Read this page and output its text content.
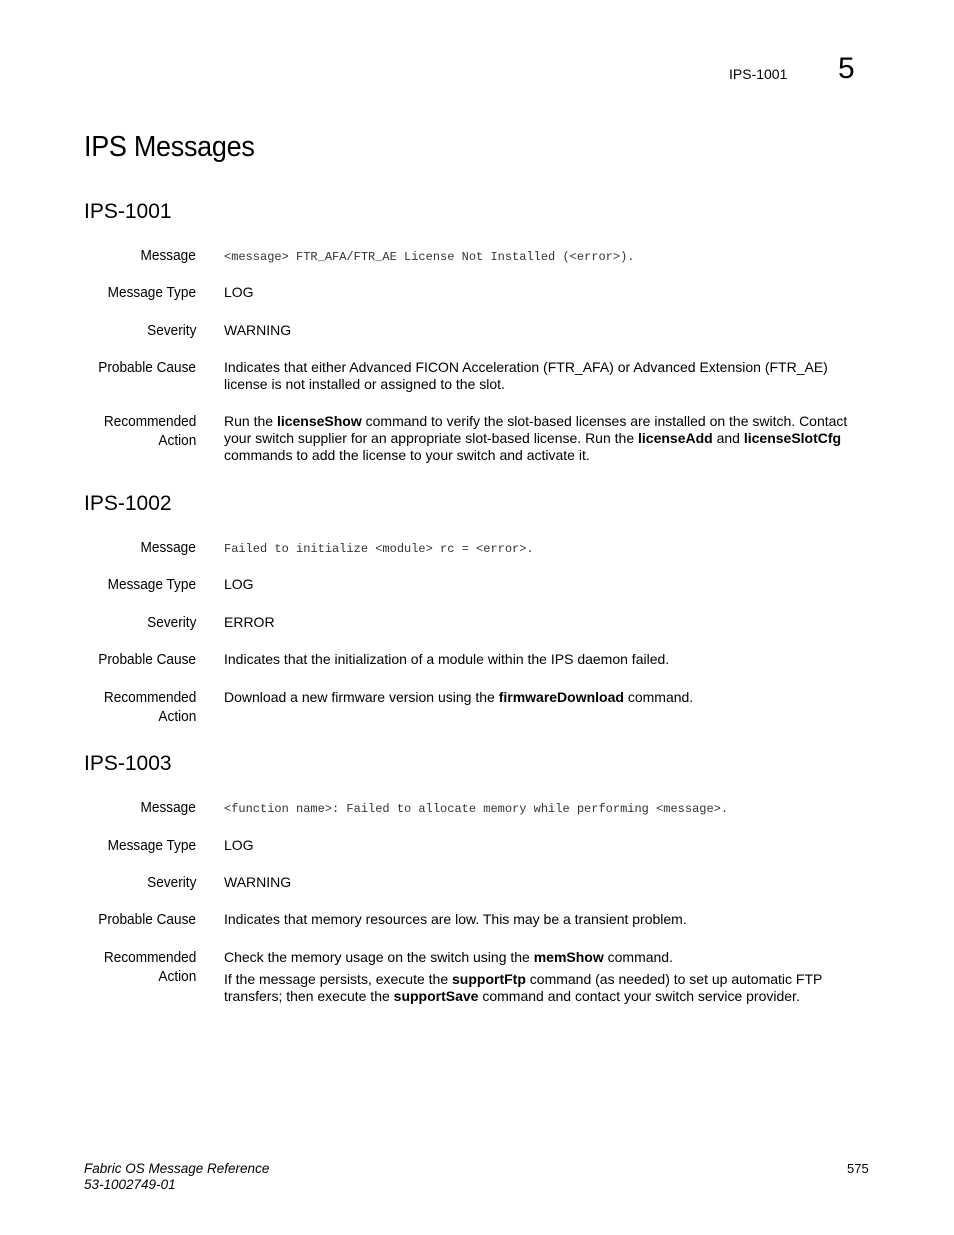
IPS-1001 5
IPS Messages
IPS-1001
Message <message> FTR_AFA/FTR_AE License Not Installed (<error>).
Message Type LOG
Severity WARNING
Probable Cause Indicates that either Advanced FICON Acceleration (FTR_AFA) or Advanced Extension (FTR_AE) license is not installed or assigned to the slot.
Recommended
Action

Run the licenseShow command to verify the slot-based licenses are installed on the switch. Contact your switch supplier for an appropriate slot-based license. Run the licenseAdd and licenseSlotCfg commands to add the license to your switch and activate it.

IPS-1002
Message Failed to initialize <module> rc = <error>.
Message Type LOG
Severity ERROR
Probable Cause Indicates that the initialization of a module within the IPS daemon failed.
Recommended
Action

Download a new firmware version using the firmwareDownload command.

IPS-1003
Message <function name>: Failed to allocate memory while performing <message>.
Message Type LOG
Severity WARNING
Probable Cause Indicates that memory resources are low. This may be a transient problem.
Recommended
Action

Check the memory usage on the switch using the memShow command.

If the message persists, execute the supportFtp command (as needed) to set up automatic FTP transfers; then execute the supportSave command and contact your switch service provider.

Fabric OS Message Reference
53-1002749-01
575
